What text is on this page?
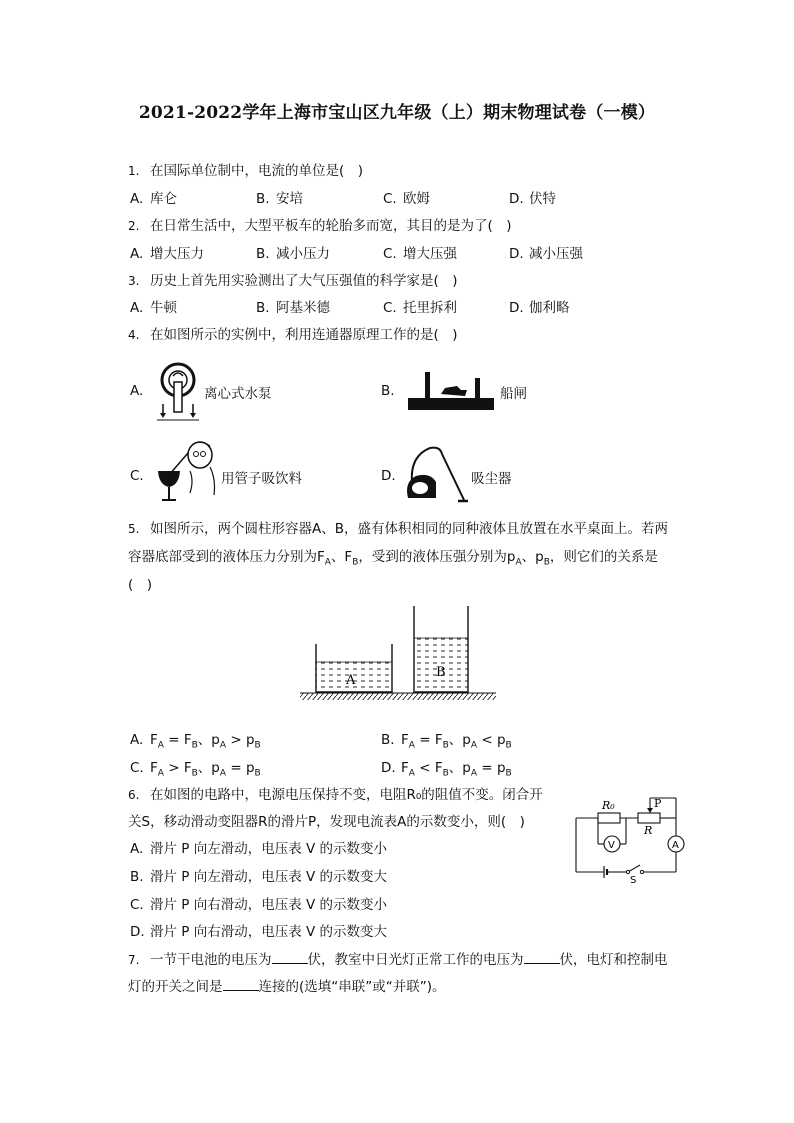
2021-2022学年上海市宝山区九年级（上）期末物理试卷（一模）
1. 在国际单位制中，电流的单位是(　)
A. 库仑	B. 安培	C. 欧姆	D. 伏特
2. 在日常生活中，大型平板车的轮胎多而宽，其目的是为了(　)
A. 增大压力	B. 减小压力	C. 增大压强	D. 减小压强
3. 历史上首先用实验测出了大气压强值的科学家是(　)
A. 牛顿	B. 阿基米德	C. 托里拆利	D. 伽利略
4. 在如图所示的实例中，利用连通器原理工作的是(　)
A.	离心式水泵	B.	船闸
C.	用管子吸饮料	D.	吸尘器
5. 如图所示，两个圆柱形容器A、B，盛有体积相同的同种液体且放置在水平桌面上。若两
容器底部受到的液体压力分别为$F_A$、$F_B$，受到的液体压强分别为$p_A$、$p_B$，则它们的关系是
(　)
A
B
A. $F_A = F_B$、$p_A > p_B$	B. $F_A = F_B$、$p_A < p_B$
C. $F_A > F_B$、$p_A = p_B$	D. $F_A < F_B$、$p_A = p_B$
6. 在如图的电路中，电源电压保持不变，电阻R₀的阻值不变。闭合开
关S，移动滑动变阻器R的滑片P，发现电流表A的示数变小，则(　)
A. 滑片 P 向左滑动，电压表 V 的示数变小
B. 滑片 P 向左滑动，电压表 V 的示数变大
C. 滑片 P 向右滑动，电压表 V 的示数变小
D. 滑片 P 向右滑动，电压表 V 的示数变大
R₀	P
R
V	A
S
7. 一节干电池的电压为	伏，教室中日光灯正常工作的电压为	伏，电灯和控制电
灯的开关之间是	连接的(选填“串联”或“并联”)。
